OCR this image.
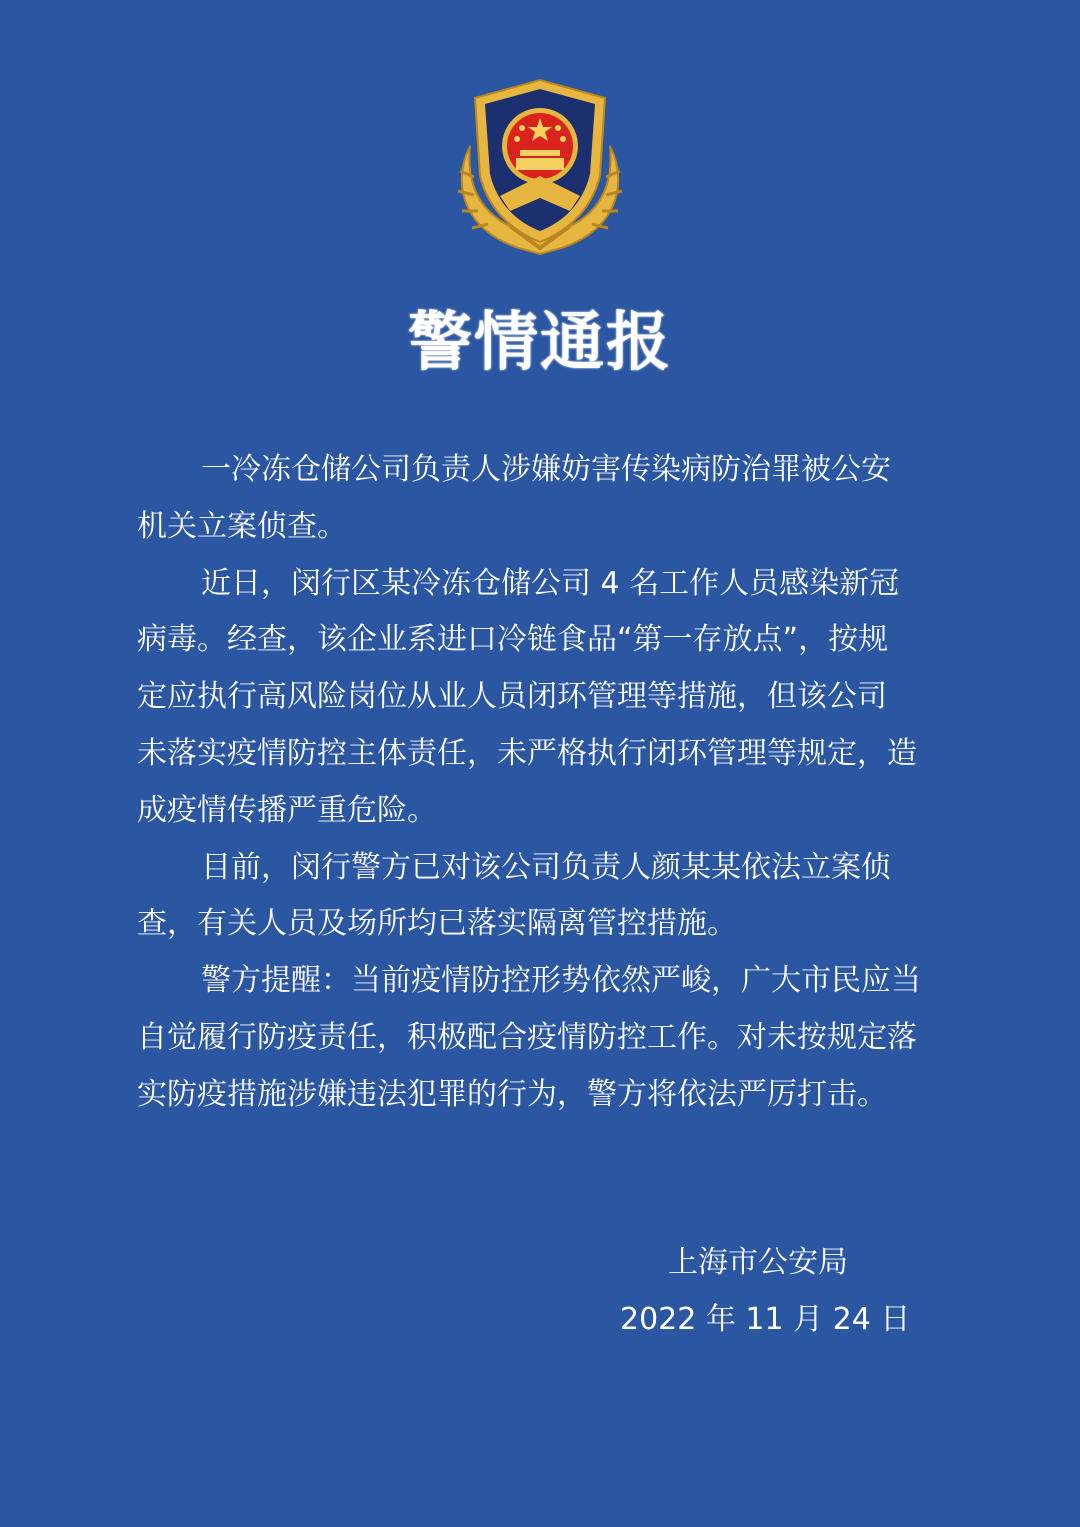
警情通报
一冷冻仓储公司负责人涉嫌妨害传染病防治罪被公安
机关立案侦查。
近日，闵行区某冷冻仓储公司 4 名工作人员感染新冠
病毒。经查，该企业系进口冷链食品“第一存放点”，按规
定应执行高风险岗位从业人员闭环管理等措施，但该公司
未落实疫情防控主体责任，未严格执行闭环管理等规定，造
成疫情传播严重危险。
目前，闵行警方已对该公司负责人颜某某依法立案侦
查，有关人员及场所均已落实隔离管控措施。
警方提醒：当前疫情防控形势依然严峻，广大市民应当
自觉履行防疫责任，积极配合疫情防控工作。对未按规定落
实防疫措施涉嫌违法犯罪的行为，警方将依法严厉打击。
上海市公安局
2022 年 11 月 24 日
